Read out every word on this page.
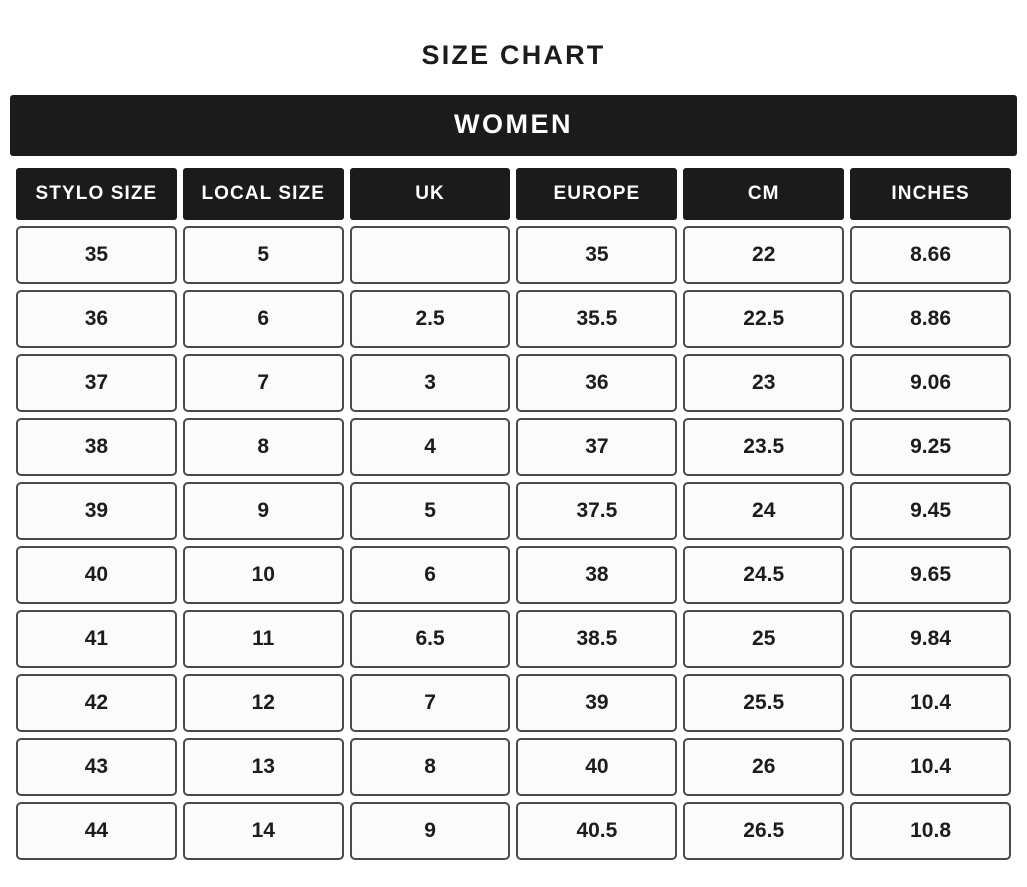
SIZE CHART
WOMEN
STYLO SIZE	LOCAL SIZE	UK	EUROPE	CM	INCHES
35	5		35	22	8.66
36	6	2.5	35.5	22.5	8.86
37	7	3	36	23	9.06
38	8	4	37	23.5	9.25
39	9	5	37.5	24	9.45
40	10	6	38	24.5	9.65
41	11	6.5	38.5	25	9.84
42	12	7	39	25.5	10.4
43	13	8	40	26	10.4
44	14	9	40.5	26.5	10.8
